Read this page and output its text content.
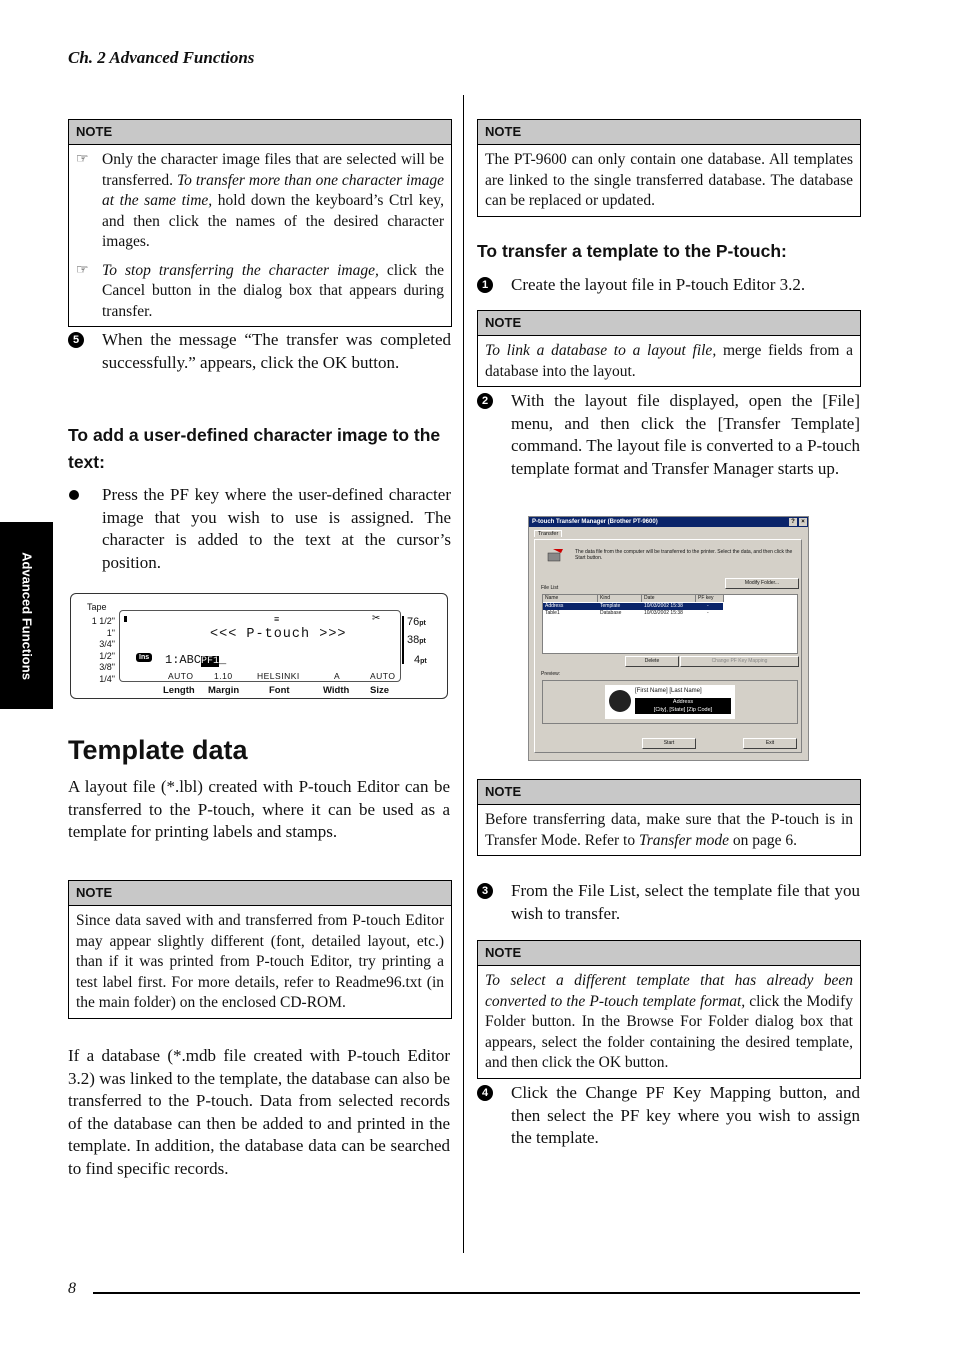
Ch. 2 Advanced Functions
Advanced Functions
8
NOTE
☞ Only the character image files that are selected will be transferred. To transfer more than one character image at the same time, hold down the keyboard’s Ctrl key, and then click the names of the desired character images.
☞ To stop transferring the character image, click the Cancel button in the dialog box that appears during transfer.
5 When the message “The transfer was completed successfully.” appears, click the OK button.
To add a user-defined character image to the text:
Press the PF key where the user-defined character image that you wish to use is assigned. The character is added to the text at the cursor’s position.
Tape
1 1/2"
1"
3/4"
1/2"
3/8"
1/4"
≡	✂
<<< P-touch >>>
Ins 1:ABCPF1_
AUTO 1.10	HELSINKI	A	AUTO
76pt
38pt
4pt
Length Margin	Font	Width Size
Template data
A layout file (*.lbl) created with P-touch Editor can be transferred to the P-touch, where it can be used as a template for printing labels and stamps.
NOTE
Since data saved with and transferred from P-touch Editor may appear slightly different (font, detailed layout, etc.) than if it was printed from P-touch Editor, try printing a test label first. For more details, refer to Readme96.txt (in the main folder) on the enclosed CD-ROM.
If a database (*.mdb file created with P-touch Editor 3.2) was linked to the template, the database can also be transferred to the P-touch. Data from selected records of the database can then be added to and printed in the template. In addition, the database data can be searched to find specific records.
NOTE
The PT-9600 can only contain one database. All templates are linked to the single transferred database. The database can be replaced or updated.
To transfer a template to the P-touch:
1 Create the layout file in P-touch Editor 3.2.
NOTE
To link a database to a layout file, merge fields from a database into the layout.
2 With the layout file displayed, open the [File] menu, and then click the [Transfer Template] command. The layout file is converted to a P-touch template format and Transfer Manager starts up.
P-touch Transfer Manager (Brother PT-9600)	?	×
Transfer
The data file from the computer will be transferred to the printer. Select the data, and then click the Start button.
File List
Modify Folder...
Name	Kind	Date	PF key
Address	Template	10/03/2002 15:38	-
Table1	Database	10/03/2002 15:38	-
Delete	Change PF Key Mapping
Preview:
[First Name] [Last Name]
Address
[City], [State] [Zip Code]
Start	Exit
NOTE
Before transferring data, make sure that the P-touch is in Transfer Mode. Refer to Transfer mode on page 6.
3 From the File List, select the template file that you wish to transfer.
NOTE
To select a different template that has already been converted to the P-touch template format, click the Modify Folder button. In the Browse For Folder dialog box that appears, select the folder containing the desired template, and then click the OK button.
4 Click the Change PF Key Mapping button, and then select the PF key where you wish to assign the template.
